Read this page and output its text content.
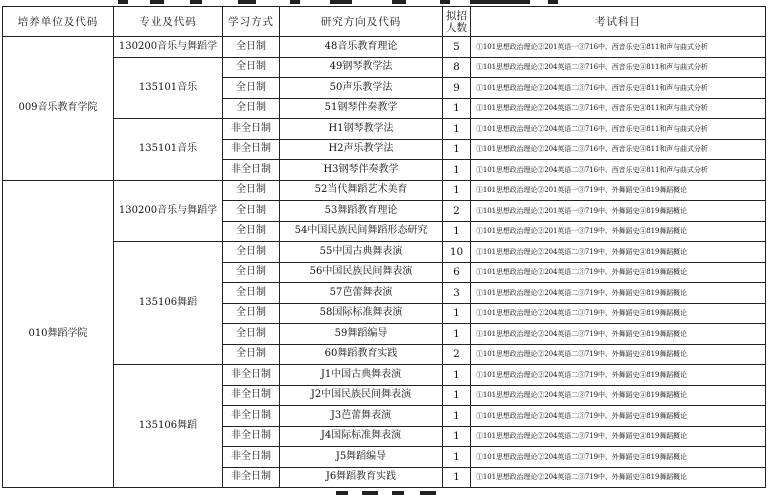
培养单位及代码	专业及代码	学习方式	研究方向及代码	拟招人数	考试科目
009音乐教育学院	130200音乐与舞蹈学	全日制	48音乐教育理论	5	①101思想政治理论②201英语一③716中、西音乐史④811和声与曲式分析
	135101音乐	全日制	49钢琴教学法	8	①101思想政治理论②204英语二③716中、西音乐史④811和声与曲式分析
		全日制	50声乐教学法	9	①101思想政治理论②204英语二③716中、西音乐史④811和声与曲式分析
		全日制	51钢琴伴奏教学	1	①101思想政治理论②204英语二③716中、西音乐史④811和声与曲式分析
	135101音乐	非全日制	H1钢琴教学法	1	①101思想政治理论②204英语二③716中、西音乐史④811和声与曲式分析
		非全日制	H2声乐教学法	1	①101思想政治理论②204英语二③716中、西音乐史④811和声与曲式分析
		非全日制	H3钢琴伴奏教学	1	①101思想政治理论②204英语二③716中、西音乐史④811和声与曲式分析
010舞蹈学院	130200音乐与舞蹈学	全日制	52当代舞蹈艺术美育	1	①101思想政治理论②201英语一③719中、外舞蹈史④819舞蹈概论
		全日制	53舞蹈教育理论	2	①101思想政治理论②201英语一③719中、外舞蹈史④819舞蹈概论
		全日制	54中国民族民间舞蹈形态研究	1	①101思想政治理论②201英语一③719中、外舞蹈史④819舞蹈概论
	135106舞蹈	全日制	55中国古典舞表演	10	①101思想政治理论②204英语二③719中、外舞蹈史④819舞蹈概论
		全日制	56中国民族民间舞表演	6	①101思想政治理论②204英语二③719中、外舞蹈史④819舞蹈概论
		全日制	57芭蕾舞表演	3	①101思想政治理论②204英语二③719中、外舞蹈史④819舞蹈概论
		全日制	58国际标准舞表演	1	①101思想政治理论②204英语二③719中、外舞蹈史④819舞蹈概论
		全日制	59舞蹈编导	1	①101思想政治理论②204英语二③719中、外舞蹈史④819舞蹈概论
		全日制	60舞蹈教育实践	2	①101思想政治理论②204英语二③719中、外舞蹈史④819舞蹈概论
	135106舞蹈	非全日制	J1中国古典舞表演	1	①101思想政治理论②204英语二③719中、外舞蹈史④819舞蹈概论
		非全日制	J2中国民族民间舞表演	1	①101思想政治理论②204英语二③719中、外舞蹈史④819舞蹈概论
		非全日制	J3芭蕾舞表演	1	①101思想政治理论②204英语二③719中、外舞蹈史④819舞蹈概论
		非全日制	J4国际标准舞表演	1	①101思想政治理论②204英语二③719中、外舞蹈史④819舞蹈概论
		非全日制	J5舞蹈编导	1	①101思想政治理论②204英语二③719中、外舞蹈史④819舞蹈概论
		非全日制	J6舞蹈教育实践	1	①101思想政治理论②204英语二③719中、外舞蹈史④819舞蹈概论
